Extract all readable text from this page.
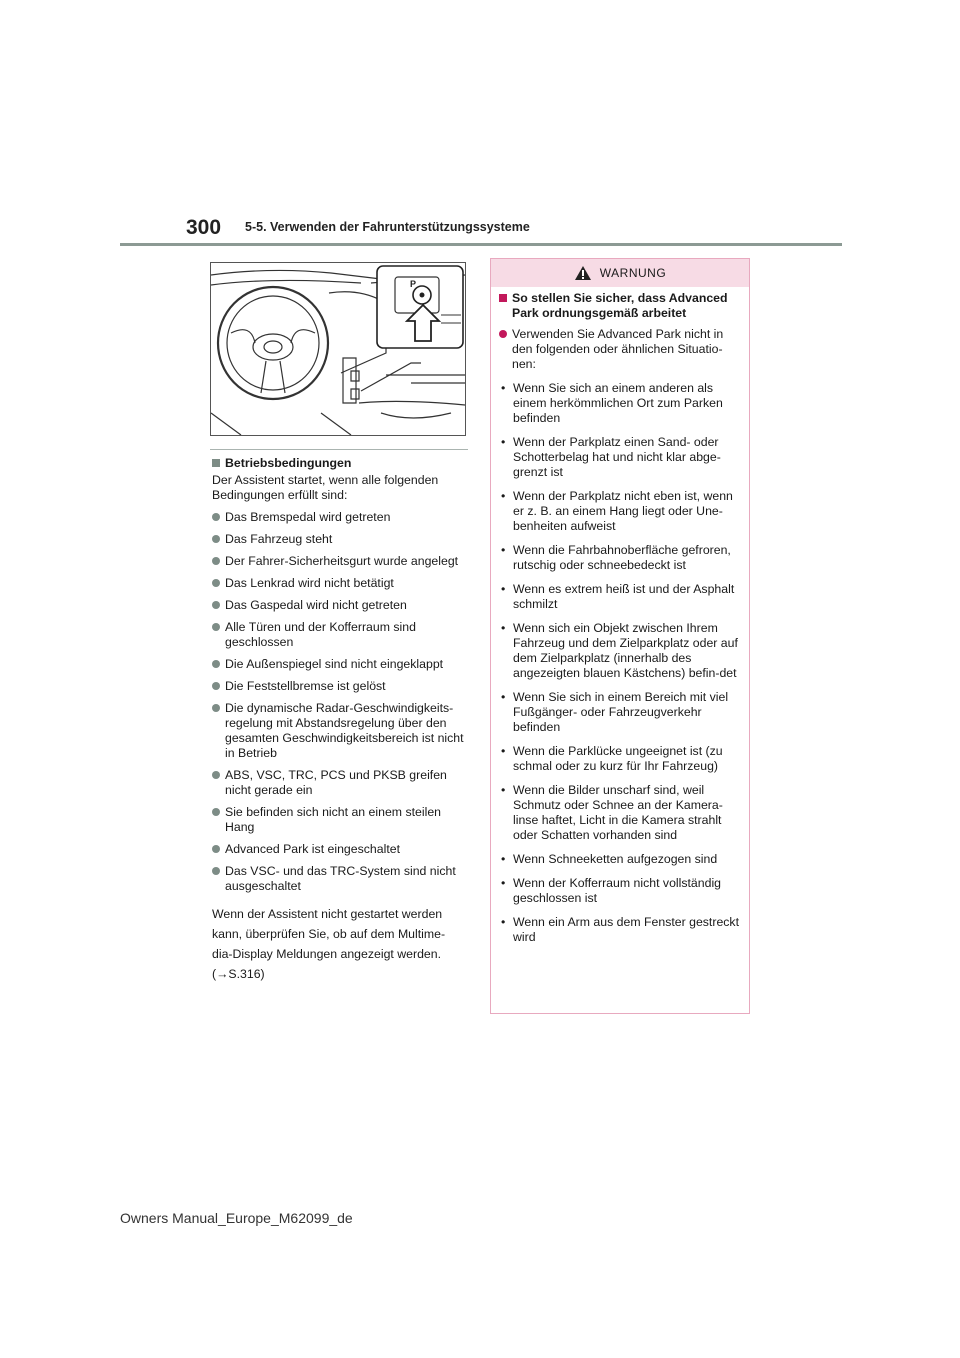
300 5-5. Verwenden der Fahrunterstützungssysteme
P
Betriebsbedingungen
Der Assistent startet, wenn alle folgenden Bedingungen erfüllt sind:
Das Bremspedal wird getreten
Das Fahrzeug steht
Der Fahrer-Sicherheitsgurt wurde angelegt
Das Lenkrad wird nicht betätigt
Das Gaspedal wird nicht getreten
Alle Türen und der Kofferraum sind geschlossen
Die Außenspiegel sind nicht eingeklappt
Die Feststellbremse ist gelöst
Die dynamische Radar-Geschwindigkeits-regelung mit Abstandsregelung über den gesamten Geschwindigkeitsbereich ist nicht in Betrieb
ABS, VSC, TRC, PCS und PKSB greifen nicht gerade ein
Sie befinden sich nicht an einem steilen Hang
Advanced Park ist eingeschaltet
Das VSC- und das TRC-System sind nicht ausgeschaltet
Wenn der Assistent nicht gestartet werden
kann, überprüfen Sie, ob auf dem Multime-
dia-Display Meldungen angezeigt werden.
(→S.316)
WARNUNG
So stellen Sie sicher, dass Advanced Park ordnungsgemäß arbeitet
Verwenden Sie Advanced Park nicht in den folgenden oder ähnlichen Situatio-nen:
• Wenn Sie sich an einem anderen als einem herkömmlichen Ort zum Parken befinden
• Wenn der Parkplatz einen Sand- oder Schotterbelag hat und nicht klar abge-grenzt ist
• Wenn der Parkplatz nicht eben ist, wenn er z. B. an einem Hang liegt oder Une-benheiten aufweist
• Wenn die Fahrbahnoberfläche gefroren, rutschig oder schneebedeckt ist
• Wenn es extrem heiß ist und der Asphalt schmilzt
• Wenn sich ein Objekt zwischen Ihrem Fahrzeug und dem Zielparkplatz oder auf dem Zielparkplatz (innerhalb des angezeigten blauen Kästchens) befin-det
• Wenn Sie sich in einem Bereich mit viel Fußgänger- oder Fahrzeugverkehr befinden
• Wenn die Parklücke ungeeignet ist (zu schmal oder zu kurz für Ihr Fahrzeug)
• Wenn die Bilder unscharf sind, weil Schmutz oder Schnee an der Kamera-linse haftet, Licht in die Kamera strahlt oder Schatten vorhanden sind
• Wenn Schneeketten aufgezogen sind
• Wenn der Kofferraum nicht vollständig geschlossen ist
• Wenn ein Arm aus dem Fenster gestreckt wird
Owners Manual_Europe_M62099_de
